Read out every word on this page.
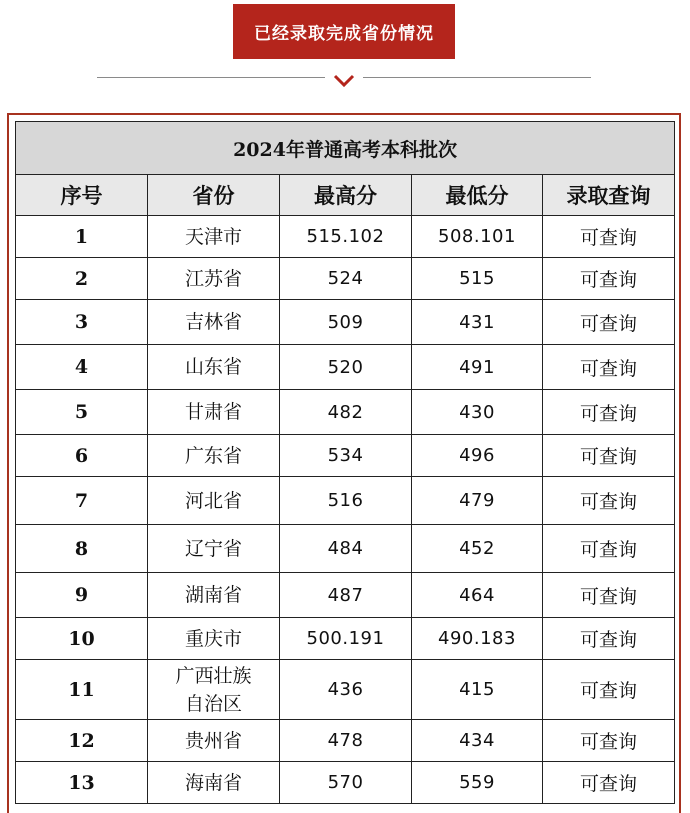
已经录取完成省份情况
2024年普通高考本科批次				
序号	省份	最高分	最低分	录取查询
1	天津市	515.102	508.101	可查询
2	江苏省	524	515	可查询
3	吉林省	509	431	可查询
4	山东省	520	491	可查询
5	甘肃省	482	430	可查询
6	广东省	534	496	可查询
7	河北省	516	479	可查询
8	辽宁省	484	452	可查询
9	湖南省	487	464	可查询
10	重庆市	500.191	490.183	可查询
11	广西壮族
自治区	436	415	可查询
12	贵州省	478	434	可查询
13	海南省	570	559	可查询
